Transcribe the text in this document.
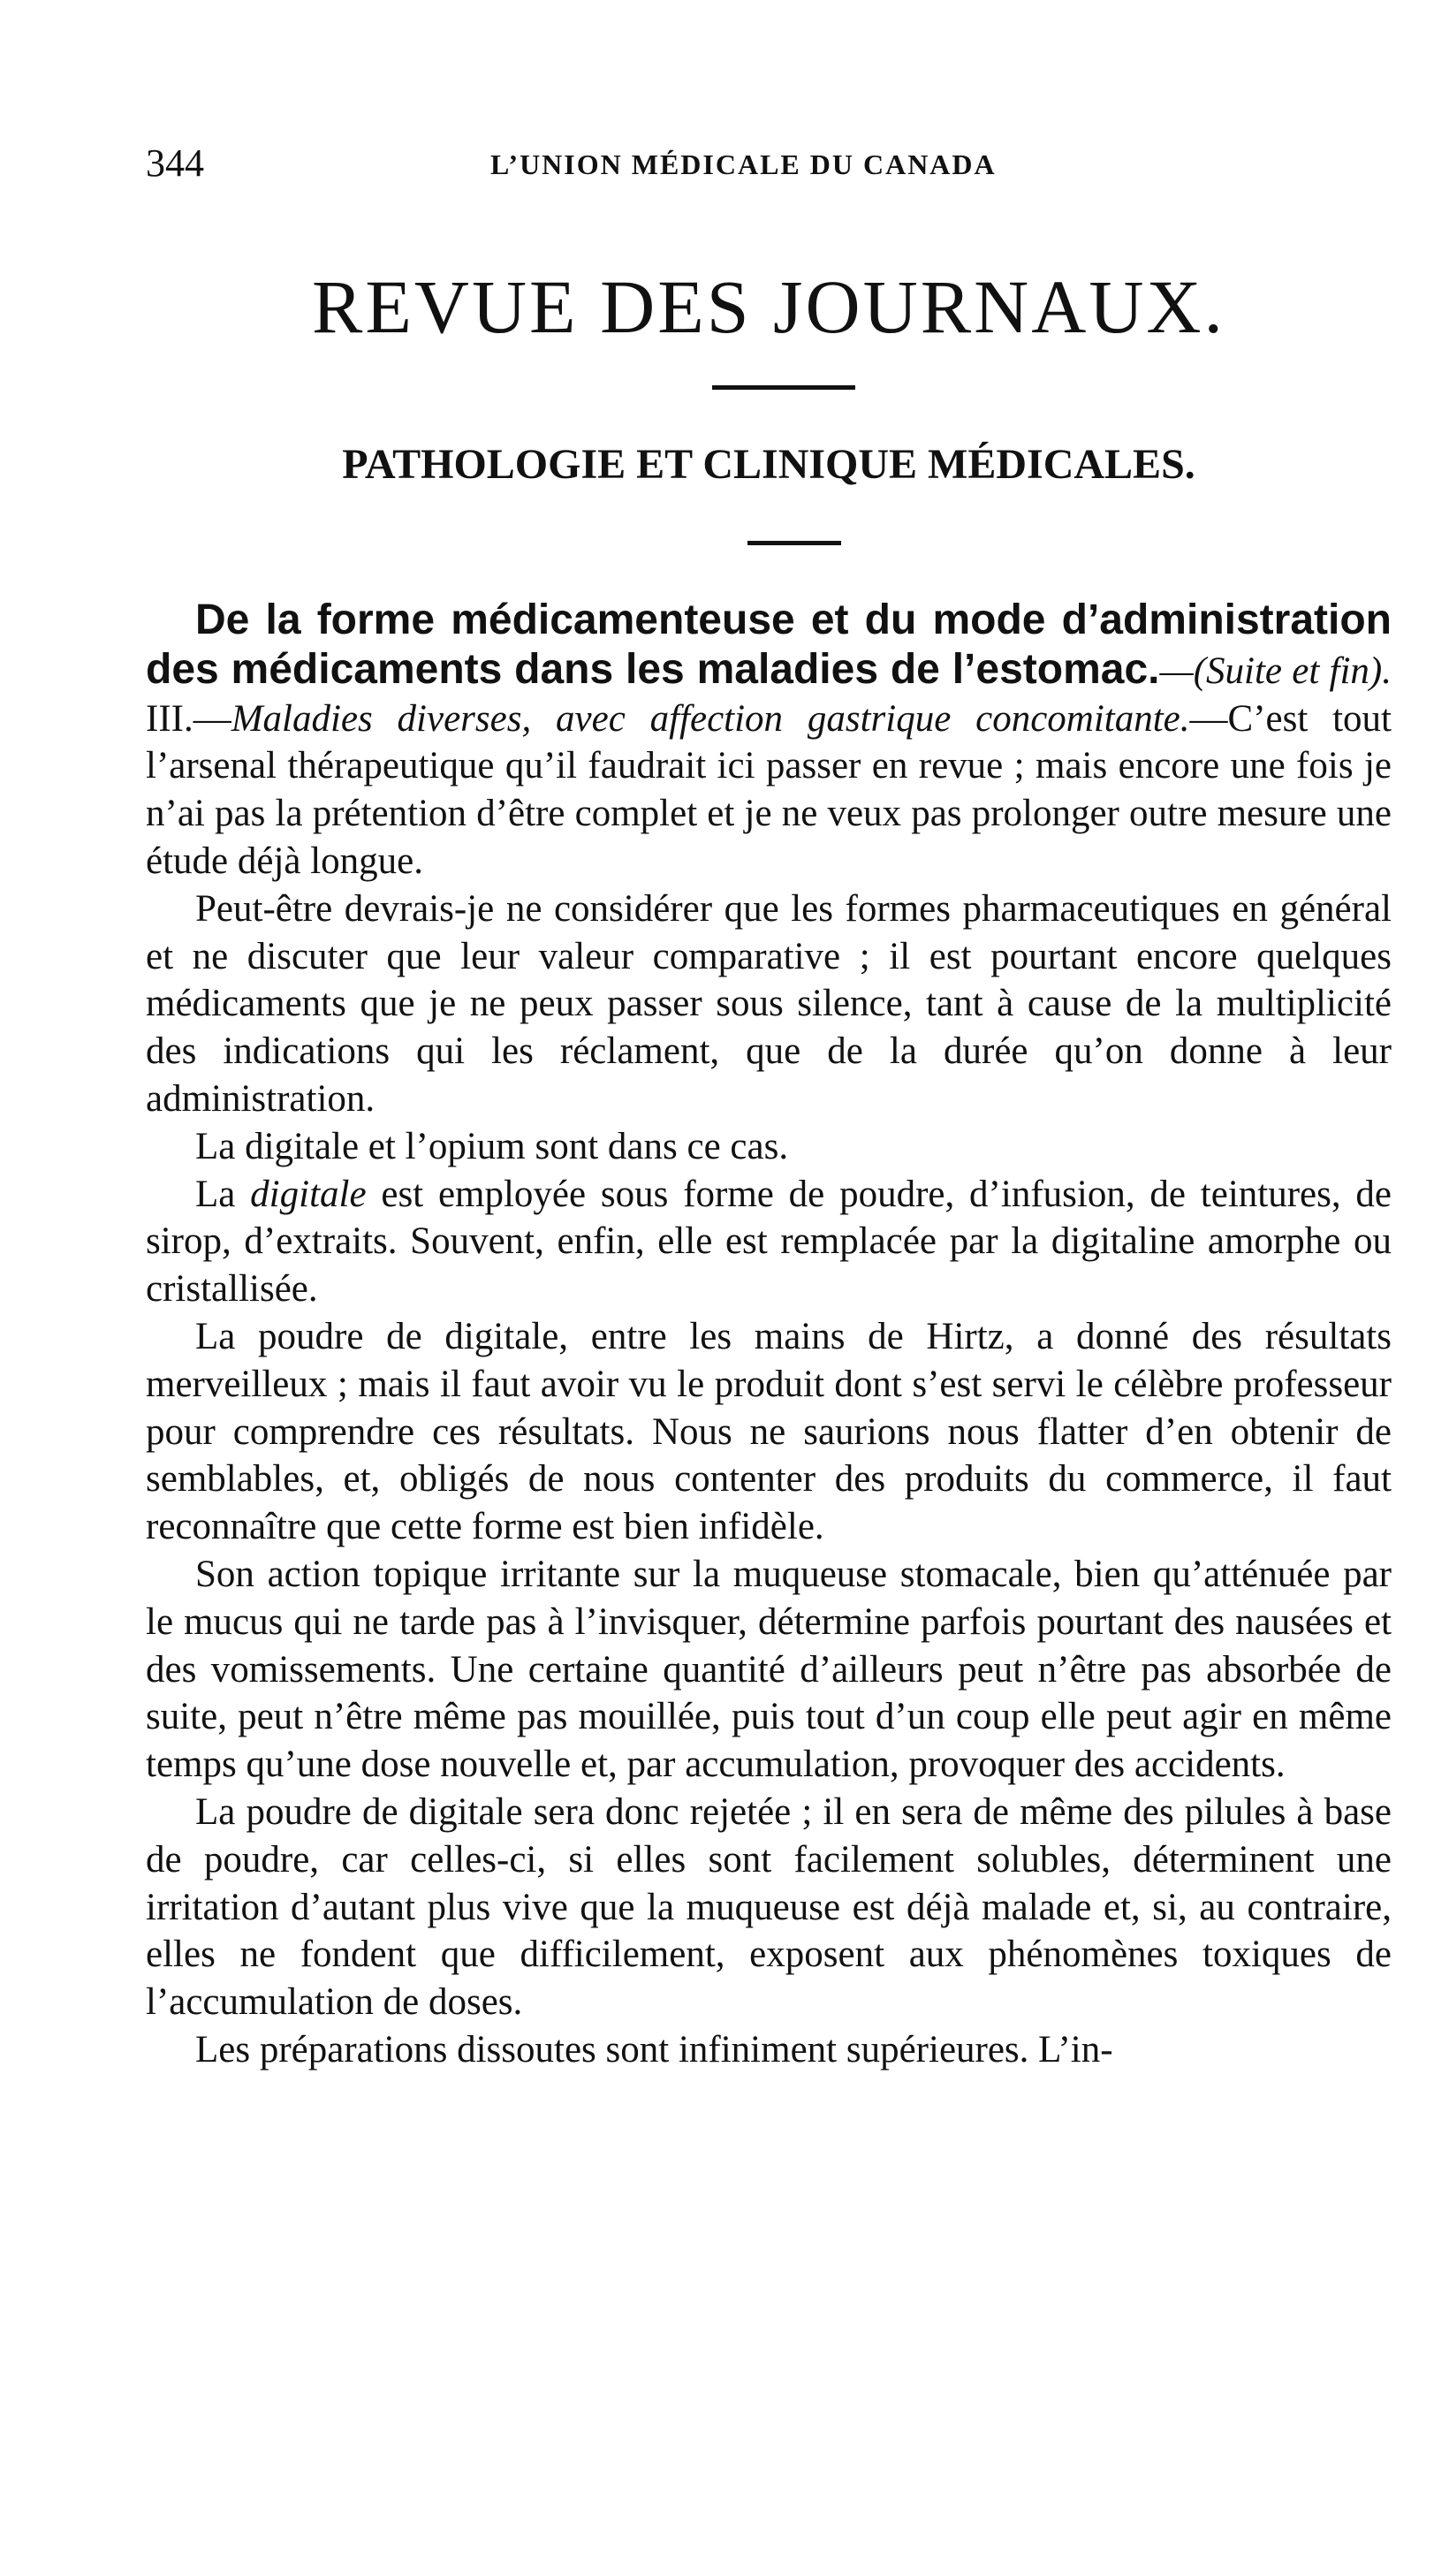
344	L’UNION MÉDICALE DU CANADA
REVUE DES JOURNAUX.
PATHOLOGIE ET CLINIQUE MÉDICALES.

De la forme médicamenteuse et du mode d’administration des médicaments dans les maladies de l’estomac.—(Suite et fin). III.—Maladies diverses, avec affection gastrique concomitante.—C’est tout l’arsenal thérapeutique qu’il faudrait ici passer en revue ; mais encore une fois je n’ai pas la prétention d’être complet et je ne veux pas prolonger outre mesure une étude déjà longue.

Peut-être devrais-je ne considérer que les formes pharmaceutiques en général et ne discuter que leur valeur comparative ; il est pourtant encore quelques médicaments que je ne peux passer sous silence, tant à cause de la multiplicité des indications qui les réclament, que de la durée qu’on donne à leur administration.

La digitale et l’opium sont dans ce cas.

La digitale est employée sous forme de poudre, d’infusion, de teintures, de sirop, d’extraits. Souvent, enfin, elle est remplacée par la digitaline amorphe ou cristallisée.

La poudre de digitale, entre les mains de Hirtz, a donné des résultats merveilleux ; mais il faut avoir vu le produit dont s’est servi le célèbre professeur pour comprendre ces résultats. Nous ne saurions nous flatter d’en obtenir de semblables, et, obligés de nous contenter des produits du commerce, il faut reconnaître que cette forme est bien infidèle.

Son action topique irritante sur la muqueuse stomacale, bien qu’atténuée par le mucus qui ne tarde pas à l’invisquer, détermine parfois pourtant des nausées et des vomissements. Une certaine quantité d’ailleurs peut n’être pas absorbée de suite, peut n’être même pas mouillée, puis tout d’un coup elle peut agir en même temps qu’une dose nouvelle et, par accumulation, provoquer des accidents.

La poudre de digitale sera donc rejetée ; il en sera de même des pilules à base de poudre, car celles-ci, si elles sont facilement solubles, déterminent une irritation d’autant plus vive que la muqueuse est déjà malade et, si, au contraire, elles ne fondent que difficilement, exposent aux phénomènes toxiques de l’accumulation de doses.

Les préparations dissoutes sont infiniment supérieures. L’in-
